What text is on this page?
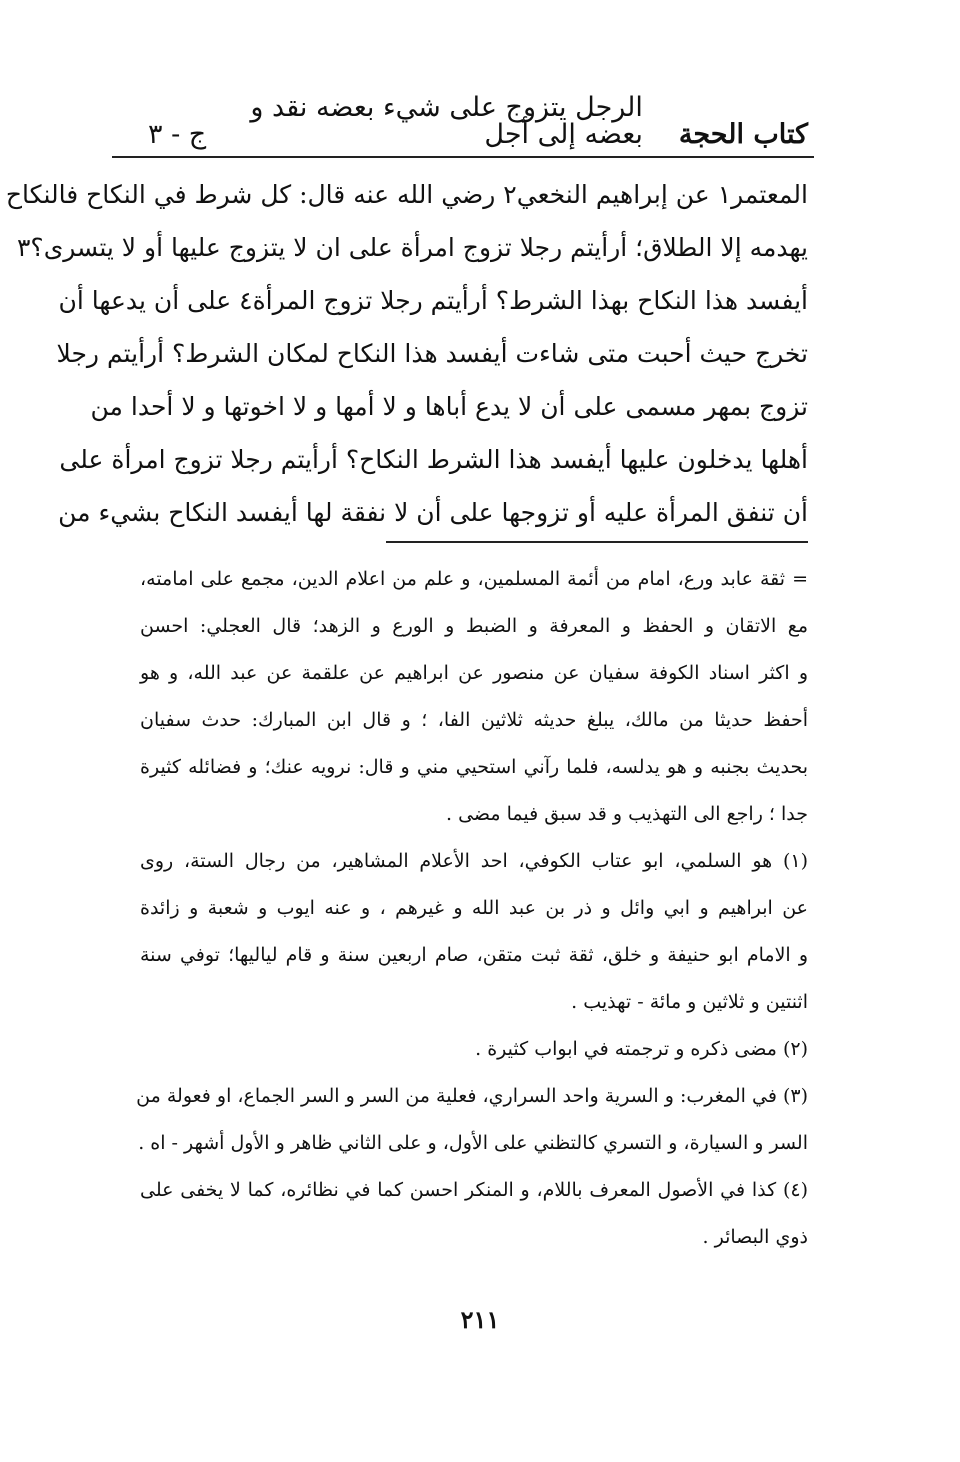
كتاب الحجة
الرجل يتزوج على شيء بعضه نقد و بعضه إلى أجل
ج - ٣
المعتمر١ عن إبراهيم النخعي٢ رضي الله عنه قال: كل شرط في النكاح فالنكاح
يهدمه إلا الطلاق؛ أرأيتم رجلا تزوج امرأة على ان لا يتزوج عليها أو لا يتسرى؟٣
أيفسد هذا النكاح بهذا الشرط؟ أرأيتم رجلا تزوج المرأة٤ على أن يدعها أن
تخرج حيث أحبت متى شاءت أيفسد هذا النكاح لمكان الشرط؟ أرأيتم رجلا
تزوج بمهر مسمى على أن لا يدع أباها و لا أمها و لا اخوتها و لا أحدا من
أهلها يدخلون عليها أيفسد هذا الشرط النكاح؟ أرأيتم رجلا تزوج امرأة على
أن تنفق المرأة عليه أو تزوجها على أن لا نفقة لها أيفسد النكاح بشيء من
= ثقة عابد ورع، امام من أئمة المسلمين، و علم من اعلام الدين، مجمع على امامته،
مع الاتقان و الحفظ و المعرفة و الضبط و الورع و الزهد؛ قال العجلي: احسن
و اكثر اسناد الكوفة سفيان عن منصور عن ابراهيم عن علقمة عن عبد الله، و هو
أحفظ حديثا من مالك، يبلغ حديثه ثلاثين الفا، ؛ و قال ابن المبارك: حدث سفيان
بحديث بجنبه و هو يدلسه، فلما رآني استحيي مني و قال: نرويه عنك؛ و فضائله كثيرة
جدا ؛ راجع الى التهذيب و قد سبق فيما مضى .
(١) هو السلمي، ابو عتاب الكوفي، احد الأعلام المشاهير، من رجال الستة، روى
عن ابراهيم و ابي وائل و ذر بن عبد الله و غيرهم ، و عنه ايوب و شعبة و زائدة
و الامام ابو حنيفة و خلق، ثقة ثبت متقن، صام اربعين سنة و قام لياليها؛ توفي سنة
اثنتين و ثلاثين و مائة - تهذيب .
(٢) مضى ذكره و ترجمته في ابواب كثيرة .
(٣) في المغرب: و السرية واحد السراري، فعلية من السر و السر الجماع، او فعولة من
السر و السيارة، و التسري كالتظني على الأول، و على الثاني ظاهر و الأول أشهر - اه .
(٤) كذا في الأصول المعرف باللام، و المنكر احسن كما في نظائره، كما لا يخفى على
ذوي البصائر .
٢١١
